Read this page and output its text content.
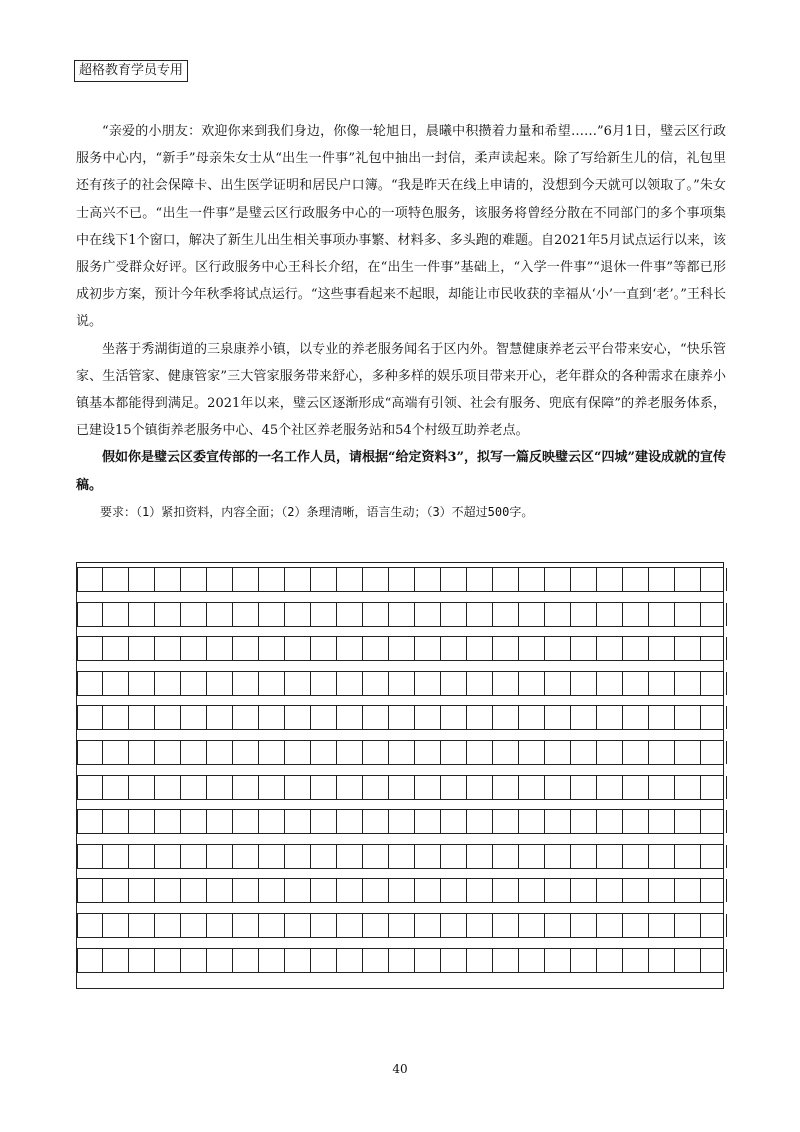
超格教育学员专用

“亲爱的小朋友：欢迎你来到我们身边，你像一轮旭日，晨曦中积攒着力量和希望……”6月1日，璧云区行政服务中心内，“新手”母亲朱女士从“出生一件事”礼包中抽出一封信，柔声读起来。除了写给新生儿的信，礼包里还有孩子的社会保障卡、出生医学证明和居民户口簿。“我是昨天在线上申请的，没想到今天就可以领取了。”朱女士高兴不已。“出生一件事”是璧云区行政服务中心的一项特色服务，该服务将曾经分散在不同部门的多个事项集中在线下1个窗口，解决了新生儿出生相关事项办事繁、材料多、多头跑的难题。自2021年5月试点运行以来，该服务广受群众好评。区行政服务中心王科长介绍，在“出生一件事”基础上，“入学一件事”“退休一件事”等都已形成初步方案，预计今年秋季将试点运行。“这些事看起来不起眼，却能让市民收获的幸福从‘小’一直到‘老’。”王科长说。

坐落于秀湖街道的三泉康养小镇，以专业的养老服务闻名于区内外。智慧健康养老云平台带来安心，“快乐管家、生活管家、健康管家”三大管家服务带来舒心，多种多样的娱乐项目带来开心，老年群众的各种需求在康养小镇基本都能得到满足。2021年以来，璧云区逐渐形成“高端有引领、社会有服务、兜底有保障”的养老服务体系，已建设15个镇街养老服务中心、45个社区养老服务站和54个村级互助养老点。

假如你是璧云区委宣传部的一名工作人员，请根据“给定资料3”，拟写一篇反映璧云区“四城”建设成就的宣传稿。

要求：（1）紧扣资料，内容全面；（2）条理清晰，语言生动；（3）不超过500字。

40
